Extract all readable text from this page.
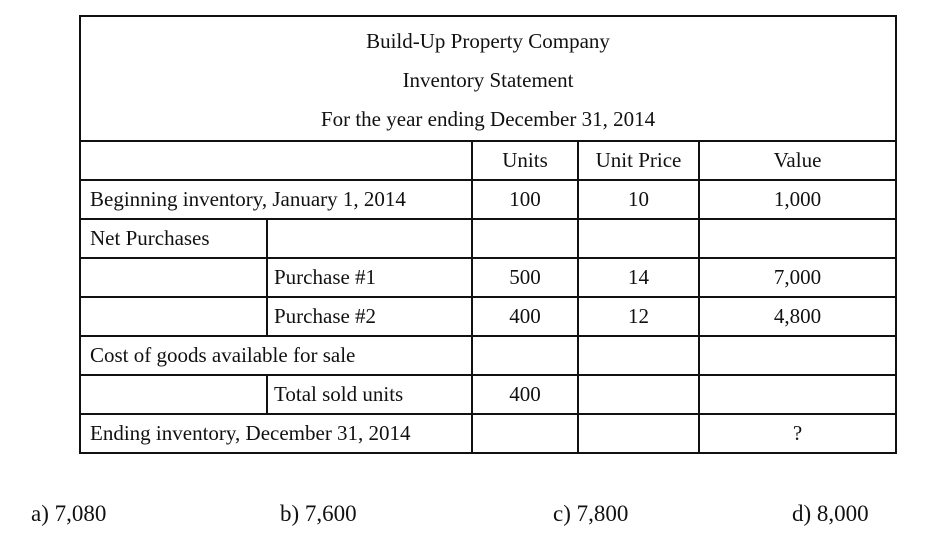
Build-Up Property Company
Inventory Statement
For the year ending December 31, 2014				

		Units	Unit Price	Value
Beginning inventory, January 1, 2014		100	10	1,000
Net Purchases				
	Purchase #1	500	14	7,000
	Purchase #2	400	12	4,800
Cost of goods available for sale				
	Total sold units	400		
Ending inventory, December 31, 2014				?
a) 7,080	b) 7,600	c) 7,800	d) 8,000
